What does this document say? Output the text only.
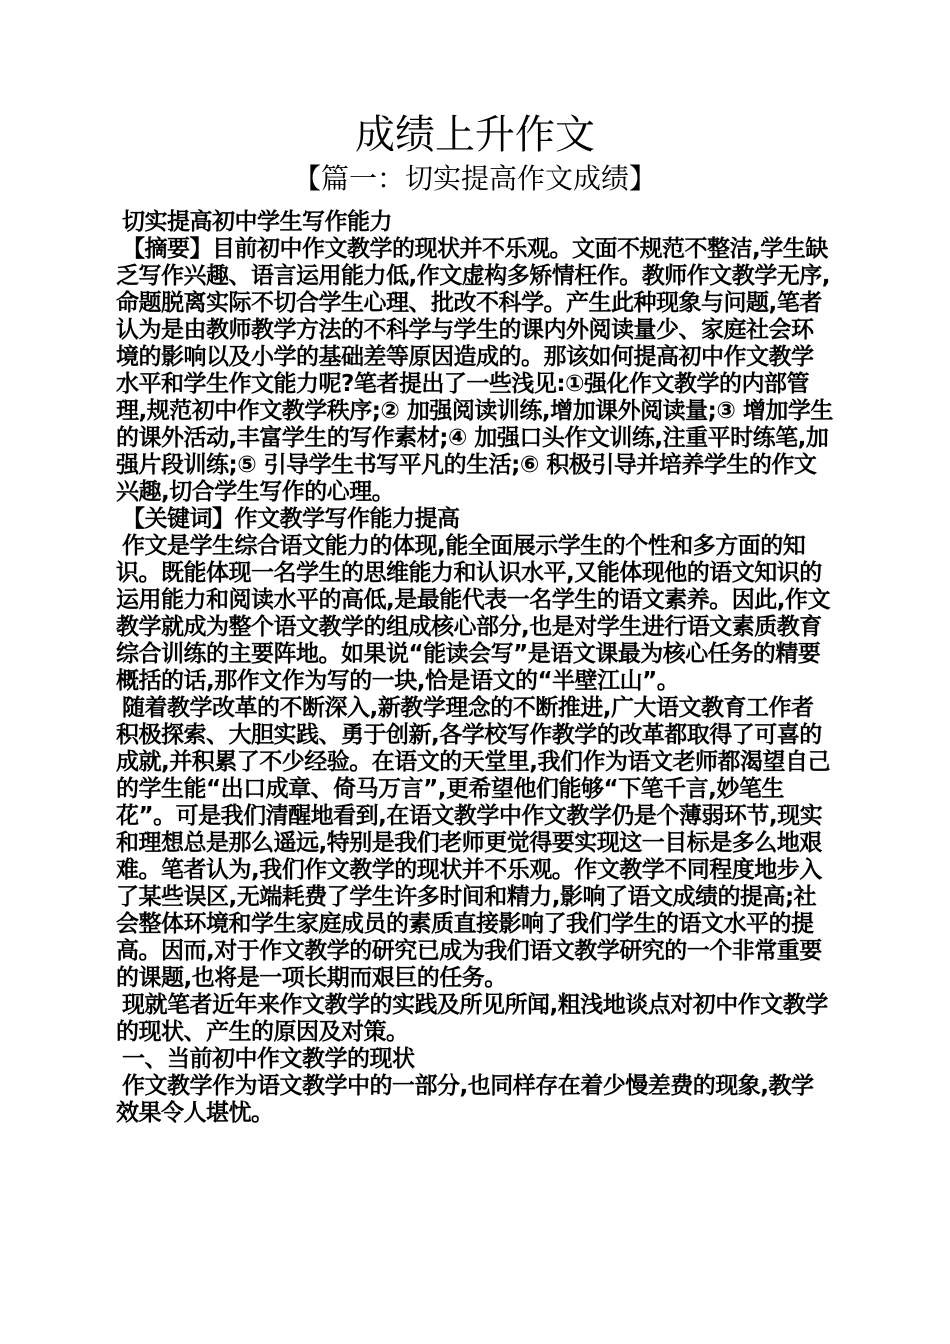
成绩上升作文
【篇一：切实提高作文成绩】

切实提高初中学生写作能力

【摘要】目前初中作文教学的现状并不乐观。文面不规范不整洁,学生缺乏写作兴趣、语言运用能力低,作文虚构多矫情枉作。教师作文教学无序,命题脱离实际不切合学生心理、批改不科学。产生此种现象与问题,笔者认为是由教师教学方法的不科学与学生的课内外阅读量少、家庭社会环境的影响以及小学的基础差等原因造成的。那该如何提高初中作文教学水平和学生作文能力呢?笔者提出了一些浅见:①强化作文教学的内部管理,规范初中作文教学秩序;② 加强阅读训练,增加课外阅读量;③ 增加学生的课外活动,丰富学生的写作素材;④ 加强口头作文训练,注重平时练笔,加强片段训练;⑤ 引导学生书写平凡的生活;⑥ 积极引导并培养学生的作文兴趣,切合学生写作的心理。

【关键词】作文教学写作能力提高

作文是学生综合语文能力的体现,能全面展示学生的个性和多方面的知识。既能体现一名学生的思维能力和认识水平,又能体现他的语文知识的运用能力和阅读水平的高低,是最能代表一名学生的语文素养。因此,作文教学就成为整个语文教学的组成核心部分,也是对学生进行语文素质教育综合训练的主要阵地。如果说“能读会写”是语文课最为核心任务的精要概括的话,那作文作为写的一块,恰是语文的“半壁江山”。

随着教学改革的不断深入,新教学理念的不断推进,广大语文教育工作者积极探索、大胆实践、勇于创新,各学校写作教学的改革都取得了可喜的成就,并积累了不少经验。在语文的天堂里,我们作为语文老师都渴望自己的学生能“出口成章、倚马万言”,更希望他们能够“下笔千言,妙笔生花”。可是我们清醒地看到,在语文教学中作文教学仍是个薄弱环节,现实和理想总是那么遥远,特别是我们老师更觉得要实现这一目标是多么地艰难。笔者认为,我们作文教学的现状并不乐观。作文教学不同程度地步入了某些误区,无端耗费了学生许多时间和精力,影响了语文成绩的提高;社会整体环境和学生家庭成员的素质直接影响了我们学生的语文水平的提高。因而,对于作文教学的研究已成为我们语文教学研究的一个非常重要的课题,也将是一项长期而艰巨的任务。

现就笔者近年来作文教学的实践及所见所闻,粗浅地谈点对初中作文教学的现状、产生的原因及对策。

一、当前初中作文教学的现状

作文教学作为语文教学中的一部分,也同样存在着少慢差费的现象,教学效果令人堪忧。
